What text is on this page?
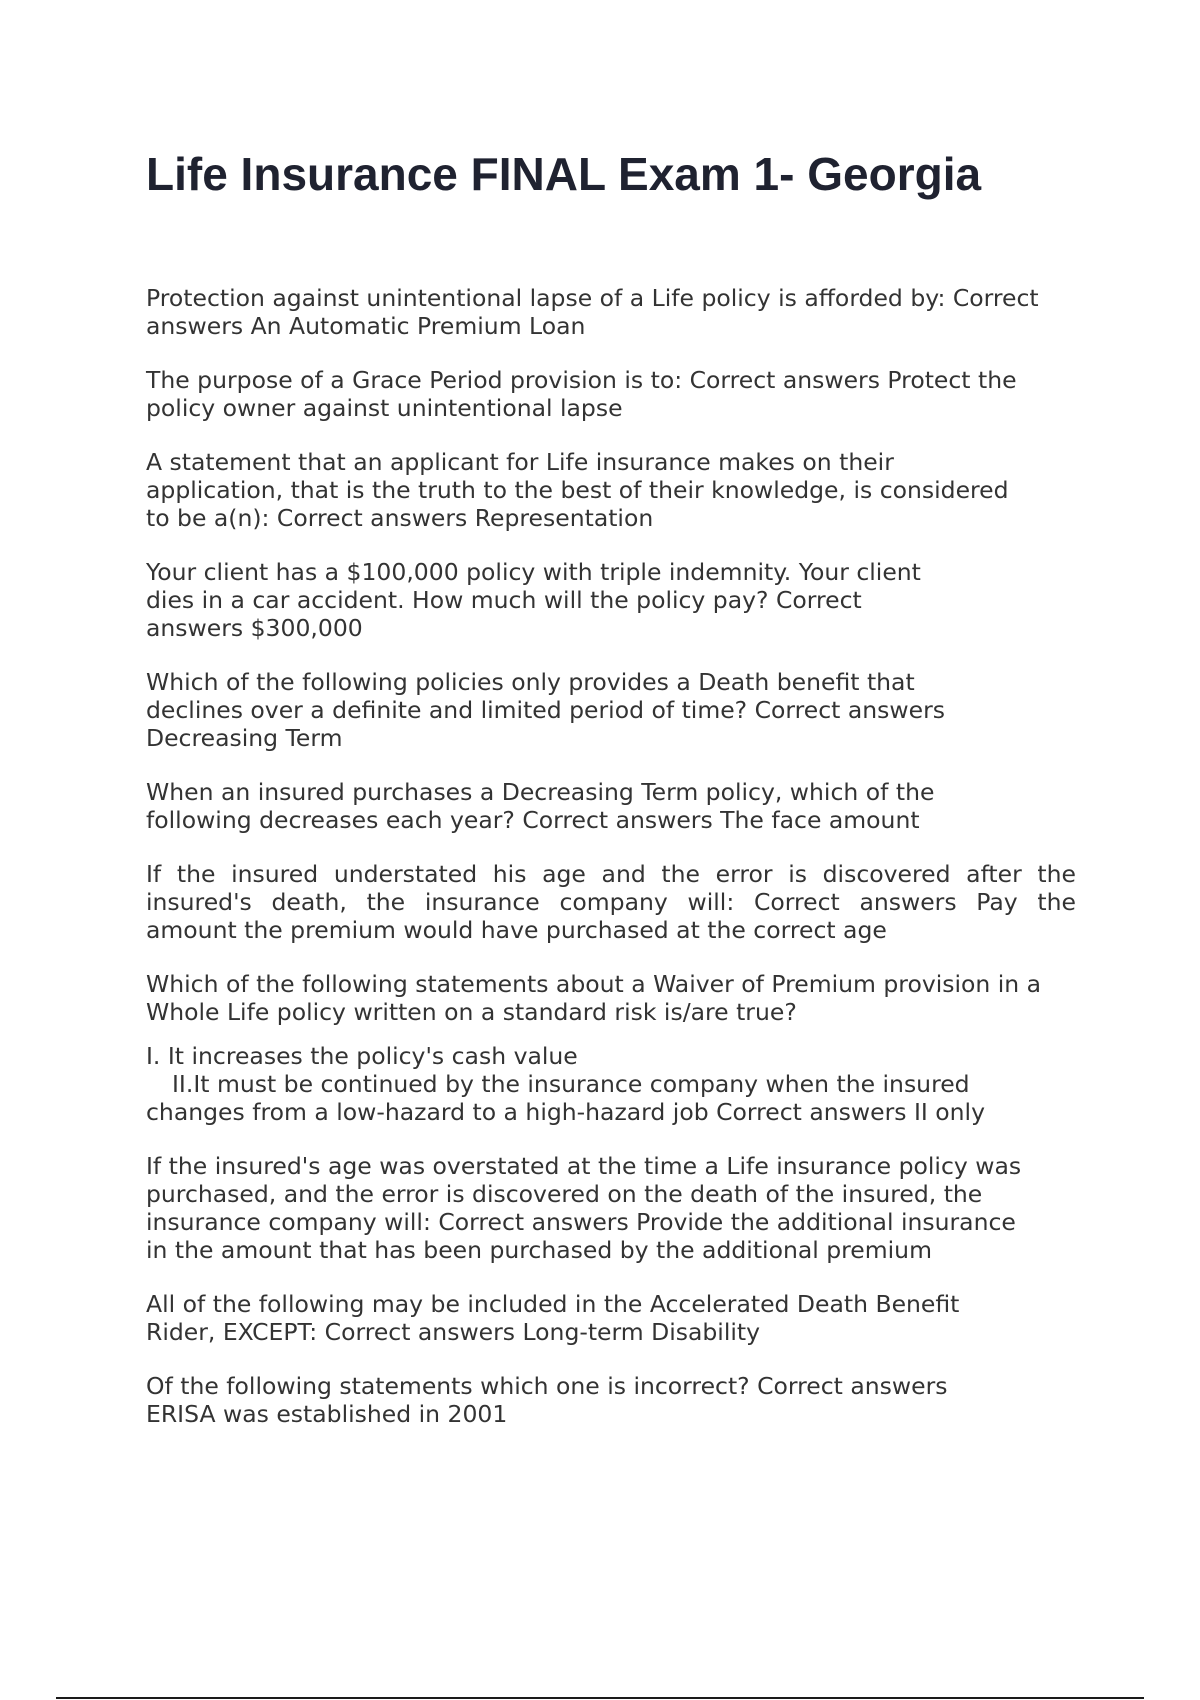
Life Insurance FINAL Exam 1- Georgia

Protection against unintentional lapse of a Life policy is afforded by: Correct
answers An Automatic Premium Loan

The purpose of a Grace Period provision is to: Correct answers Protect the
policy owner against unintentional lapse

A statement that an applicant for Life insurance makes on their
application, that is the truth to the best of their knowledge, is considered
to be a(n): Correct answers Representation

Your client has a $100,000 policy with triple indemnity. Your client
dies in a car accident. How much will the policy pay? Correct
answers $300,000

Which of the following policies only provides a Death benefit that
declines over a definite and limited period of time? Correct answers
Decreasing Term

When an insured purchases a Decreasing Term policy, which of the
following decreases each year? Correct answers The face amount

If the insured understated his age and the error is discovered after the
insured's death, the insurance company will: Correct answers Pay the
amount the premium would have purchased at the correct age

Which of the following statements about a Waiver of Premium provision in a
Whole Life policy written on a standard risk is/are true?

I. It increases the policy's cash value
II.It must be continued by the insurance company when the insured
changes from a low-hazard to a high-hazard job Correct answers II only

If the insured's age was overstated at the time a Life insurance policy was
purchased, and the error is discovered on the death of the insured, the
insurance company will: Correct answers Provide the additional insurance
in the amount that has been purchased by the additional premium

All of the following may be included in the Accelerated Death Benefit
Rider, EXCEPT: Correct answers Long-term Disability

Of the following statements which one is incorrect? Correct answers
ERISA was established in 2001
